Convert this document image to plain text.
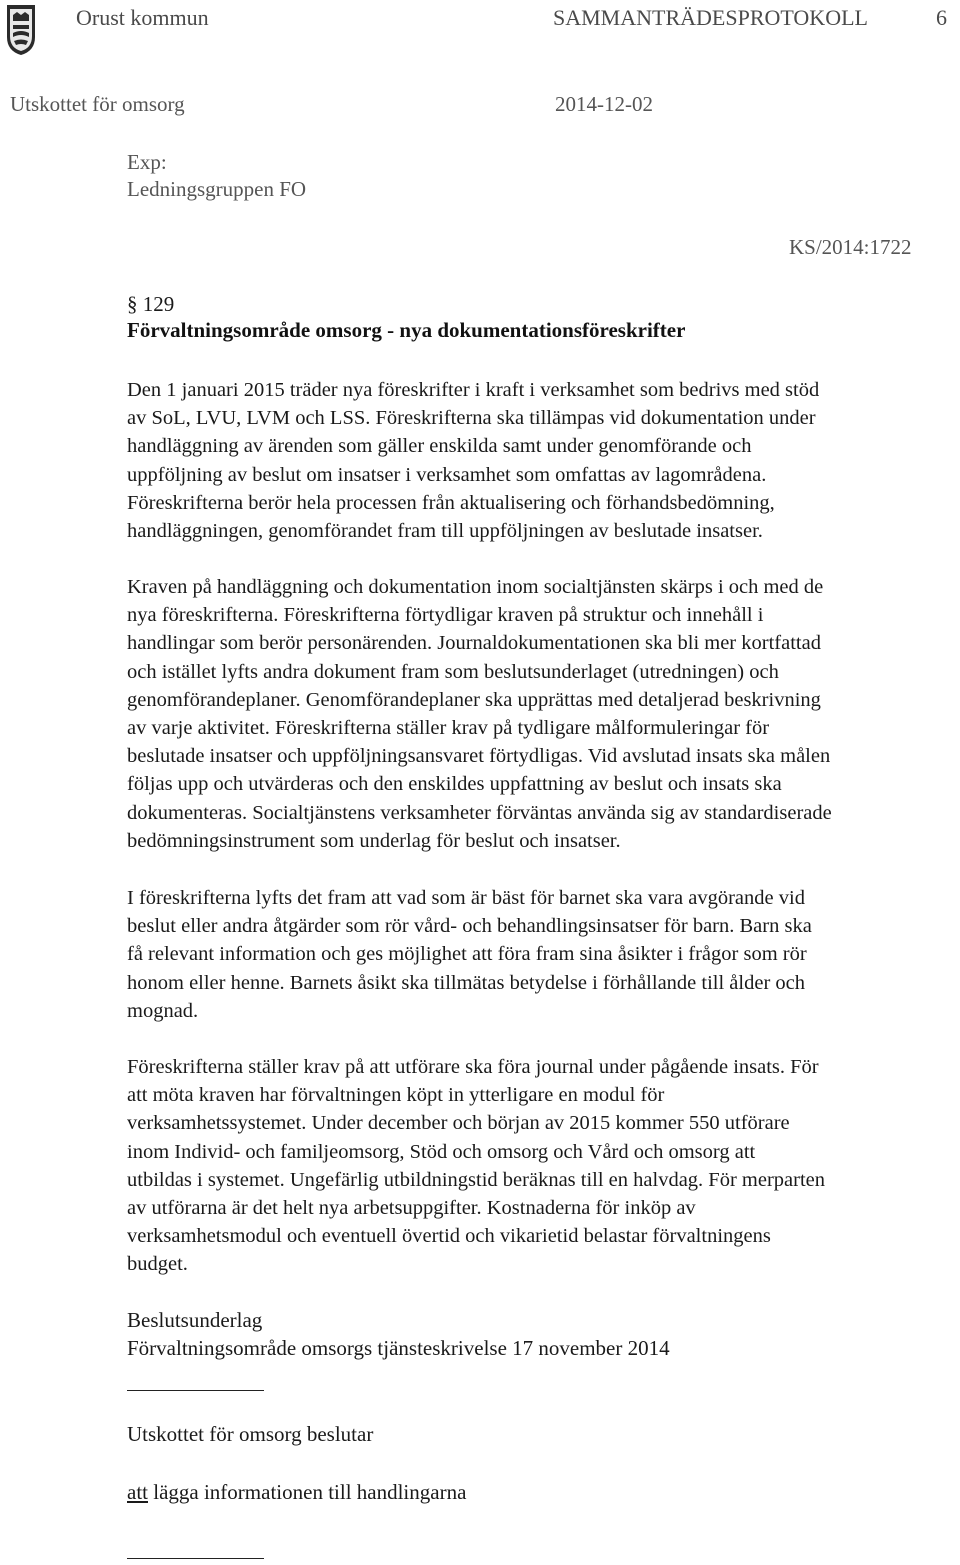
Orust kommun	SAMMANTRÄDESPROTOKOLL	6
Utskottet för omsorg	2014-12-02
Exp:
Ledningsgruppen FO
KS/2014:1722
§ 129
Förvaltningsområde omsorg - nya dokumentationsföreskrifter
Den 1 januari 2015 träder nya föreskrifter i kraft i verksamhet som bedrivs med stöd
av SoL, LVU, LVM och LSS. Föreskrifterna ska tillämpas vid dokumentation under
handläggning av ärenden som gäller enskilda samt under genomförande och
uppföljning av beslut om insatser i verksamhet som omfattas av lagområdena.
Föreskrifterna berör hela processen från aktualisering och förhandsbedömning,
handläggningen, genomförandet fram till uppföljningen av beslutade insatser.
Kraven på handläggning och dokumentation inom socialtjänsten skärps i och med de
nya föreskrifterna. Föreskrifterna förtydligar kraven på struktur och innehåll i
handlingar som berör personärenden. Journaldokumentationen ska bli mer kortfattad
och istället lyfts andra dokument fram som beslutsunderlaget (utredningen) och
genomförandeplaner. Genomförandeplaner ska upprättas med detaljerad beskrivning
av varje aktivitet. Föreskrifterna ställer krav på tydligare målformuleringar för
beslutade insatser och uppföljningsansvaret förtydligas. Vid avslutad insats ska målen
följas upp och utvärderas och den enskildes uppfattning av beslut och insats ska
dokumenteras. Socialtjänstens verksamheter förväntas använda sig av standardiserade
bedömningsinstrument som underlag för beslut och insatser.
I föreskrifterna lyfts det fram att vad som är bäst för barnet ska vara avgörande vid
beslut eller andra åtgärder som rör vård- och behandlingsinsatser för barn. Barn ska
få relevant information och ges möjlighet att föra fram sina åsikter i frågor som rör
honom eller henne. Barnets åsikt ska tillmätas betydelse i förhållande till ålder och
mognad.
Föreskrifterna ställer krav på att utförare ska föra journal under pågående insats. För
att möta kraven har förvaltningen köpt in ytterligare en modul för
verksamhetssystemet. Under december och början av 2015 kommer 550 utförare
inom Individ- och familjeomsorg, Stöd och omsorg och Vård och omsorg att
utbildas i systemet. Ungefärlig utbildningstid beräknas till en halvdag. För merparten
av utförarna är det helt nya arbetsuppgifter. Kostnaderna för inköp av
verksamhetsmodul och eventuell övertid och vikarietid belastar förvaltningens
budget.
Beslutsunderlag
Förvaltningsområde omsorgs tjänsteskrivelse 17 november 2014
Utskottet för omsorg beslutar
att lägga informationen till handlingarna
